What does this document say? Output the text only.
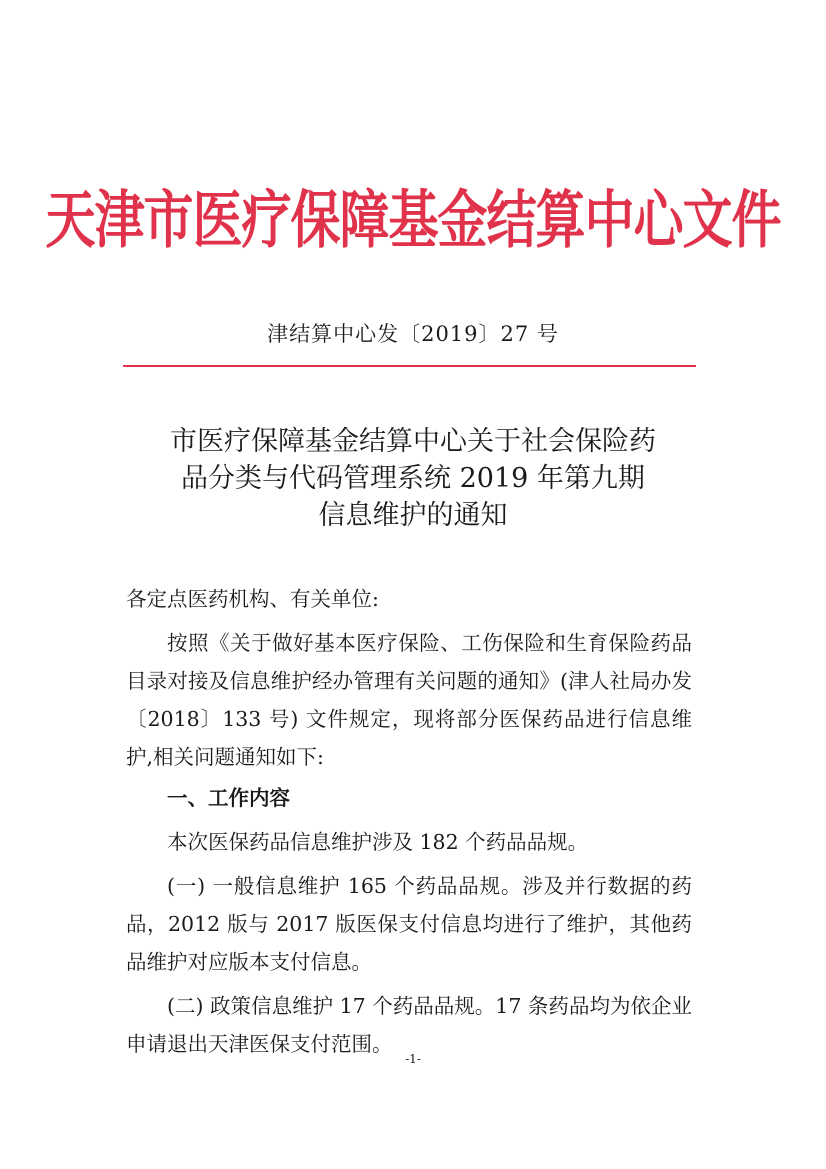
天津市医疗保障基金结算中心文件
津结算中心发〔2019〕27 号
市医疗保障基金结算中心关于社会保险药
品分类与代码管理系统 2019 年第九期
信息维护的通知

各定点医药机构、有关单位:

按照《关于做好基本医疗保险、工伤保险和生育保险药品目录对接及信息维护经办管理有关问题的通知》(津人社局办发〔2018〕133 号) 文件规定，现将部分医保药品进行信息维护,相关问题通知如下:

一、工作内容

本次医保药品信息维护涉及 182 个药品品规。

(一) 一般信息维护 165 个药品品规。涉及并行数据的药品，2012 版与 2017 版医保支付信息均进行了维护，其他药品维护对应版本支付信息。

(二) 政策信息维护 17 个药品品规。17 条药品均为依企业申请退出天津医保支付范围。

-1-
